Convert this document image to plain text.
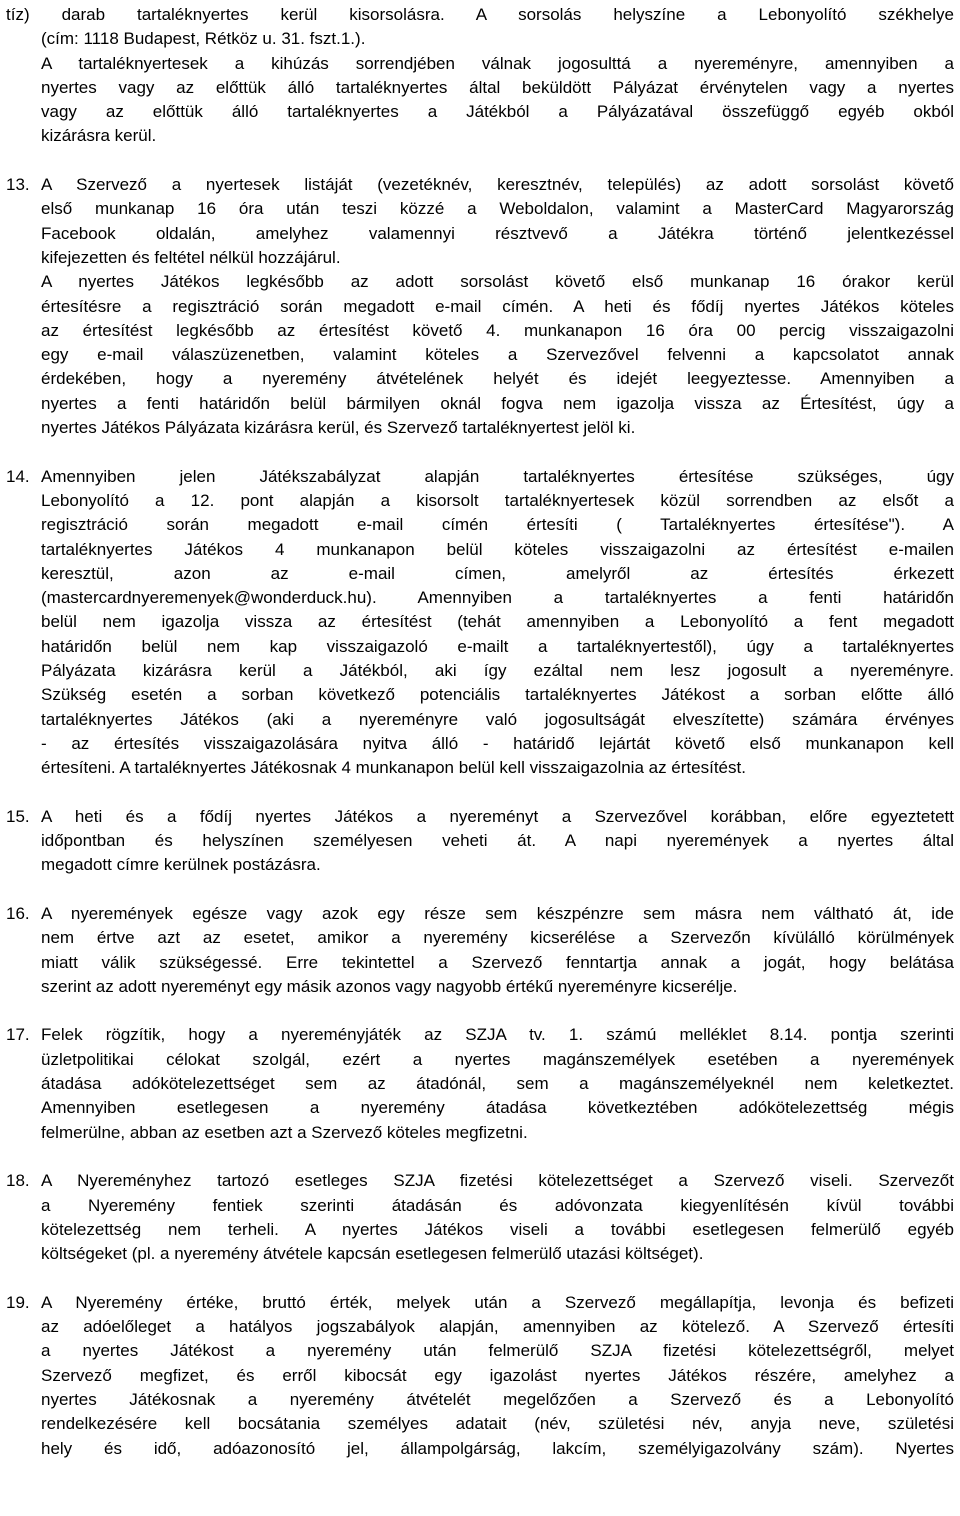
tíz) darab tartaléknyertes kerül kisorsolásra. A sorsolás helyszíne a Lebonyolító székhelye
(cím: 1118 Budapest, Rétköz u. 31. fszt.1.).
A tartaléknyertesek a kihúzás sorrendjében válnak jogosulttá a nyereményre, amennyiben a
nyertes vagy az előttük álló tartaléknyertes által beküldött Pályázat érvénytelen vagy a nyertes
vagy az előttük álló tartaléknyertes a Játékból a Pályázatával összefüggő egyéb okból
kizárásra kerül.
13. A Szervező a nyertesek listáját (vezetéknév, keresztnév, település) az adott sorsolást követő
első munkanap 16 óra után teszi közzé a Weboldalon, valamint a MasterCard Magyarország
Facebook oldalán, amelyhez valamennyi résztvevő a Játékra történő jelentkezéssel
kifejezetten és feltétel nélkül hozzájárul.
A nyertes Játékos legkésőbb az adott sorsolást követő első munkanap 16 órakor kerül
értesítésre a regisztráció során megadott e-mail címén. A heti és fődíj nyertes Játékos köteles
az értesítést legkésőbb az értesítést követő 4. munkanapon 16 óra 00 percig visszaigazolni
egy e-mail válaszüzenetben, valamint köteles a Szervezővel felvenni a kapcsolatot annak
érdekében, hogy a nyeremény átvételének helyét és idejét leegyeztesse. Amennyiben a
nyertes a fenti határidőn belül bármilyen oknál fogva nem igazolja vissza az Értesítést, úgy a
nyertes Játékos Pályázata kizárásra kerül, és Szervező tartaléknyertest jelöl ki.
14. Amennyiben jelen Játékszabályzat alapján tartaléknyertes értesítése szükséges, úgy
Lebonyolító a 12. pont alapján a kisorsolt tartaléknyertesek közül sorrendben az elsőt a
regisztráció során megadott e-mail címén értesíti ( Tartaléknyertes értesítése"). A
tartaléknyertes Játékos 4 munkanapon belül köteles visszaigazolni az értesítést e-mailen
keresztül, azon az e-mail címen, amelyről az értesítés érkezett
(mastercardnyeremenyek@wonderduck.hu). Amennyiben a tartaléknyertes a fenti határidőn
belül nem igazolja vissza az értesítést (tehát amennyiben a Lebonyolító a fent megadott
határidőn belül nem kap visszaigazoló e-mailt a tartaléknyertestől), úgy a tartaléknyertes
Pályázata kizárásra kerül a Játékból, aki így ezáltal nem lesz jogosult a nyereményre.
Szükség esetén a sorban következő potenciális tartaléknyertes Játékost a sorban előtte álló
tartaléknyertes Játékos (aki a nyereményre való jogosultságát elveszítette) számára érvényes
- az értesítés visszaigazolására nyitva álló - határidő lejártát követő első munkanapon kell
értesíteni. A tartaléknyertes Játékosnak 4 munkanapon belül kell visszaigazolnia az értesítést.
15. A heti és a fődíj nyertes Játékos a nyereményt a Szervezővel korábban, előre egyeztetett
időpontban és helyszínen személyesen veheti át. A napi nyeremények a nyertes által
megadott címre kerülnek postázásra.
16. A nyeremények egésze vagy azok egy része sem készpénzre sem másra nem váltható át, ide
nem értve azt az esetet, amikor a nyeremény kicserélése a Szervezőn kívülálló körülmények
miatt válik szükségessé. Erre tekintettel a Szervező fenntartja annak a jogát, hogy belátása
szerint az adott nyereményt egy másik azonos vagy nagyobb értékű nyereményre kicserélje.
17. Felek rögzítik, hogy a nyereményjáték az SZJA tv. 1. számú melléklet 8.14. pontja szerinti
üzletpolitikai célokat szolgál, ezért a nyertes magánszemélyek esetében a nyeremények
átadása adókötelezettséget sem az átadónál, sem a magánszemélyeknél nem keletkeztet.
Amennyiben esetlegesen a nyeremény átadása következtében adókötelezettség mégis
felmerülne, abban az esetben azt a Szervező köteles megfizetni.
18. A Nyereményhez tartozó esetleges SZJA fizetési kötelezettséget a Szervező viseli. Szervezőt
a Nyeremény fentiek szerinti átadásán és adóvonzata kiegyenlítésén kívül további
kötelezettség nem terheli. A nyertes Játékos viseli a további esetlegesen felmerülő egyéb
költségeket (pl. a nyeremény átvétele kapcsán esetlegesen felmerülő utazási költséget).
19. A Nyeremény értéke, bruttó érték, melyek után a Szervező megállapítja, levonja és befizeti
az adóelőleget a hatályos jogszabályok alapján, amennyiben az kötelező. A Szervező értesíti
a nyertes Játékost a nyeremény után felmerülő SZJA fizetési kötelezettségről, melyet
Szervező megfizet, és erről kibocsát egy igazolást nyertes Játékos részére, amelyhez a
nyertes Játékosnak a nyeremény átvételét megelőzően a Szervező és a Lebonyolító
rendelkezésére kell bocsátania személyes adatait (név, születési név, anyja neve, születési
hely és idő, adóazonosító jel, állampolgárság, lakcím, személyigazolvány szám). Nyertes
